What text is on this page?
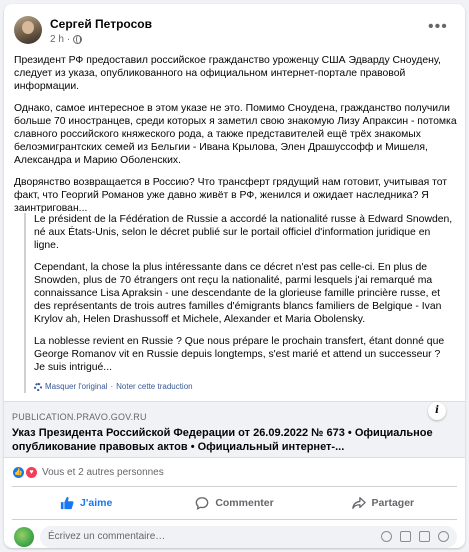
Сергей Петросов
2 h ·
•••

Президент РФ предоставил российское гражданство уроженцу США Эдварду Сноудену, следует из указа, опубликованного на официальном интернет-портале правовой информации.

Однако, самое интересное в этом указе не это. Помимо Сноудена, гражданство получили больше 70 иностранцев, среди которых я заметил свою знакомую Лизу Апраксин - потомка славного российского княжеского рода, а также представителей ещё трёх знакомых белоэмигрантских семей из Бельгии - Ивана Крылова, Элен Драшуссофф и Мишеля, Александра и Марию Оболенских.

Дворянство возвращается в Россию? Что трансферт грядущий нам готовит, учитывая тот факт, что Георгий Романов уже давно живёт в РФ, женился и ожидает наследника? Я заинтригован...

Le président de la Fédération de Russie a accordé la nationalité russe à Edward Snowden, né aux États-Unis, selon le décret publié sur le portail officiel d'information juridique en ligne.

Cependant, la chose la plus intéressante dans ce décret n'est pas celle-ci. En plus de Snowden, plus de 70 étrangers ont reçu la nationalité, parmi lesquels j'ai remarqué ma connaissance Lisa Apraksin - une descendante de la glorieuse famille princière russe, et des représentants de trois autres familles d'émigrants blancs familiers de Belgique - Ivan Krylov ah, Helen Drashussoff et Michele, Alexander et Maria Obolensky.

La noblesse revient en Russie ? Que nous prépare le prochain transfert, étant donné que George Romanov vit en Russie depuis longtemps, s'est marié et attend un successeur ? Je suis intrigué...

Masquer l'original · Noter cette traduction
i
PUBLICATION.PRAVO.GOV.RU
Указ Президента Российской Федерации от 26.09.2022 № 673 • Официальное опубликование правовых актов • Официальный интернет-...
👍 ♥ Vous et 2 autres personnes
J'aime	Commenter	Partager
Écrivez un commentaire…
